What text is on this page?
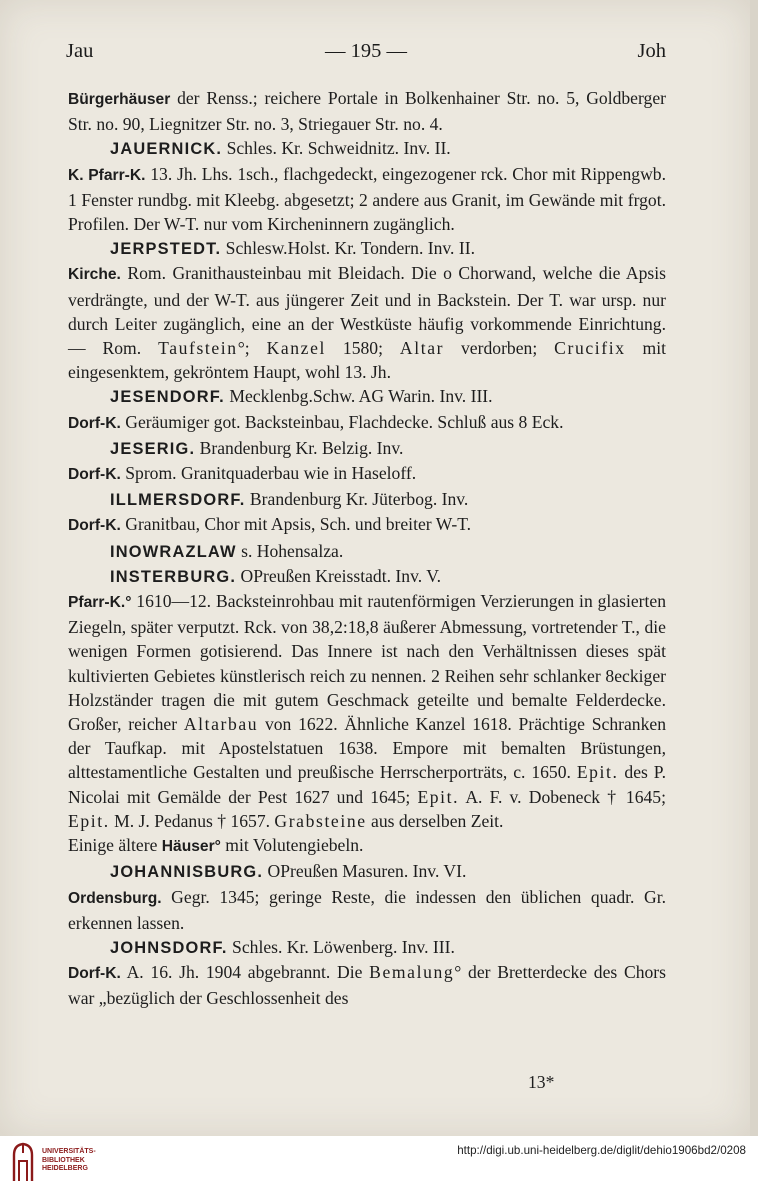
Jau	— 195 —	Joh

Bürgerhäuser der Renss.; reichere Portale in Bolkenhainer Str. no. 5, Goldberger Str. no. 90, Liegnitzer Str. no. 3, Striegauer Str. no. 4.

JAUERNICK. Schles. Kr. Schweidnitz. Inv. II.

K. Pfarr-K. 13. Jh. Lhs. 1sch., flachgedeckt, eingezogener rck. Chor mit Rippengwb. 1 Fenster rundbg. mit Kleebg. abgesetzt; 2 andere aus Granit, im Gewände mit frgot. Profilen. Der W-T. nur vom Kircheninnern zugänglich.

JERPSTEDT. Schlesw.Holst. Kr. Tondern. Inv. II.

Kirche. Rom. Granithausteinbau mit Bleidach. Die o Chorwand, welche die Apsis verdrängte, und der W-T. aus jüngerer Zeit und in Backstein. Der T. war ursp. nur durch Leiter zugänglich, eine an der Westküste häufig vorkommende Einrichtung. — Rom. Taufstein°; Kanzel 1580; Altar verdorben; Crucifix mit eingesenktem, gekröntem Haupt, wohl 13. Jh.

JESENDORF. Mecklenbg.Schw. AG Warin. Inv. III.

Dorf-K. Geräumiger got. Backsteinbau, Flachdecke. Schluß aus 8 Eck.

JESERIG. Brandenburg Kr. Belzig. Inv.

Dorf-K. Sprom. Granitquaderbau wie in Haseloff.

ILLMERSDORF. Brandenburg Kr. Jüterbog. Inv.

Dorf-K. Granitbau, Chor mit Apsis, Sch. und breiter W-T.

INOWRAZLAW s. Hohensalza.

INSTERBURG. OPreußen Kreisstadt. Inv. V.

Pfarr-K.° 1610—12. Backsteinrohbau mit rautenförmigen Verzierungen in glasierten Ziegeln, später verputzt. Rck. von 38,2:18,8 äußerer Abmessung, vortretender T., die wenigen Formen gotisierend. Das Innere ist nach den Verhältnissen dieses spät kultivierten Gebietes künstlerisch reich zu nennen. 2 Reihen sehr schlanker 8eckiger Holzständer tragen die mit gutem Geschmack geteilte und bemalte Felderdecke. Großer, reicher Altarbau von 1622. Ähnliche Kanzel 1618. Prächtige Schranken der Taufkap. mit Apostelstatuen 1638. Empore mit bemalten Brüstungen, alttestamentliche Gestalten und preußische Herrscherporträts, c. 1650. Epit. des P. Nicolai mit Gemälde der Pest 1627 und 1645; Epit. A. F. v. Dobeneck † 1645; Epit. M. J. Pedanus † 1657. Grabsteine aus derselben Zeit.

Einige ältere Häuser° mit Volutengiebeln.

JOHANNISBURG. OPreußen Masuren. Inv. VI.

Ordensburg. Gegr. 1345; geringe Reste, die indessen den üblichen quadr. Gr. erkennen lassen.

JOHNSDORF. Schles. Kr. Löwenberg. Inv. III.

Dorf-K. A. 16. Jh. 1904 abgebrannt. Die Bemalung° der Bretterdecke des Chors war „bezüglich der Geschlossenheit des

13*
UNIVERSITÄTS-
BIBLIOTHEK
HEIDELBERG
http://digi.ub.uni-heidelberg.de/diglit/dehio1906bd2/0208
